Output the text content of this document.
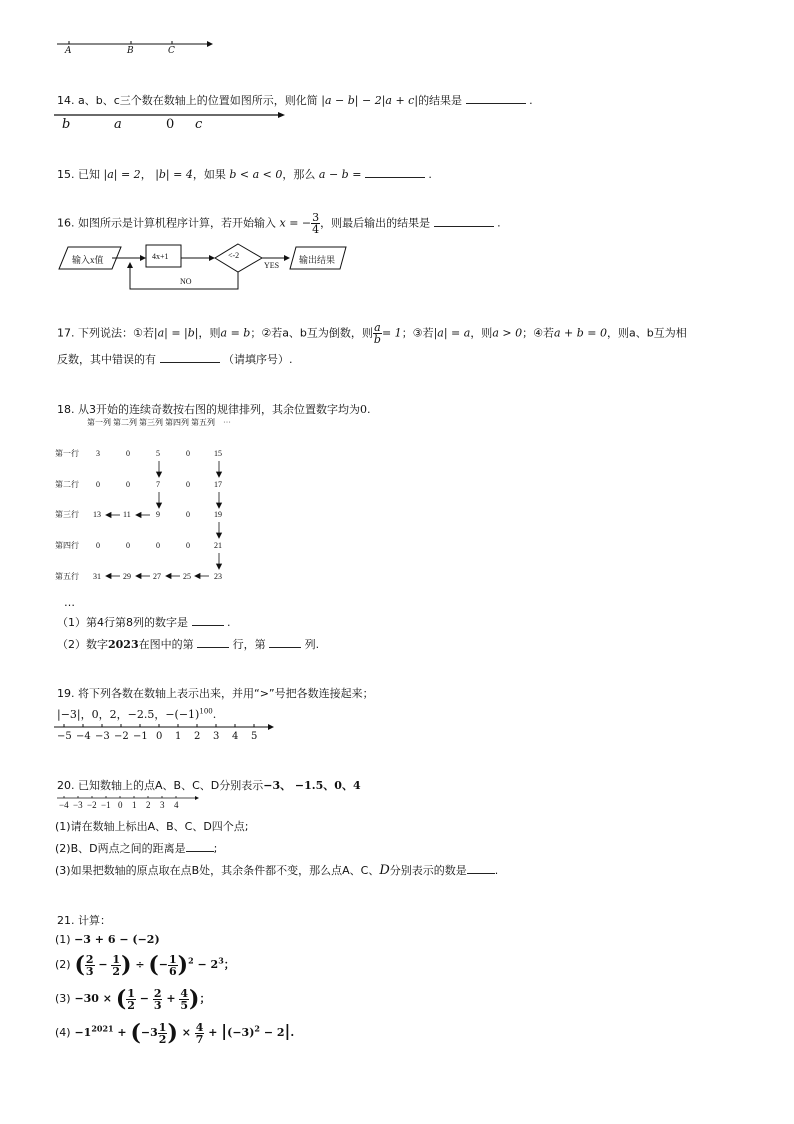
A	B	C
14. a、b、c三个数在数轴上的位置如图所示，则化简 |a − b| − 2|a + c|的结果是	.
b	a	0 c
15. 已知 |a| = 2， |b| = 4，如果 b < a < 0，那么 a − b =	.
16. 如图所示是计算机程序计算，若开始输入 x = − $\frac{3}{4}$ ，则最后输出的结果是	.
输入x值	4x+1	<-2
YES
NO
输出结果
17. 下列说法：①若|a| = |b|，则a = b；②若a、b互为倒数，则 $\frac{a}{b} = 1$；③若|a| = a，则a > 0；④若a + b = 0，则a、b互为相
反数，其中错误的有	（请填序号）.
18. 从3开始的连续奇数按右图的规律排列，其余位置数字均为0.
第一列 第二列 第三列 第四列 第五列　⋯
第一行
第二行
第三行
第四行
第五行
3	0	5	0	15
0	0	7	0	17
13	11	9	0	19
0	0	0	0	21
31	29	27	25	23
…
（1）第4行第8列的数字是	.
（2）数字2023在图中的第	行，第	列.
19. 将下列各数在数轴上表示出来，并用“>”号把各数连接起来；
|−3|，0，2，−2.5，$-(-1)^{100}$.
−5 −4 −3 −2 −1 0 1 2 3 4 5
20. 已知数轴上的点A、B、C、D分别表示−3、 −1.5、0、4
−4 −3 −2 −1 0 1 2 3 4
(1)请在数轴上标出A、B、C、D四个点;
(2)B、D两点之间的距离是	;
(3)如果把数轴的原点取在点B处，其余条件都不变，那么点A、C、D分别表示的数是	.
21. 计算：
(1) −3 + 6 − (−2)
(2) ( $\frac{2}{3} - \frac{1}{2}$ ) ÷ (− $\frac{1}{6} )^2 - 2^3$；
(3) −30 × ( $\frac{1}{2} - \frac{2}{3} + \frac{4}{5}$ )；
$(4) -1^{2021} + (-3 \frac{1}{2}$ ) × $\frac{4}{7} + |(-3)^2 - 2|$.
